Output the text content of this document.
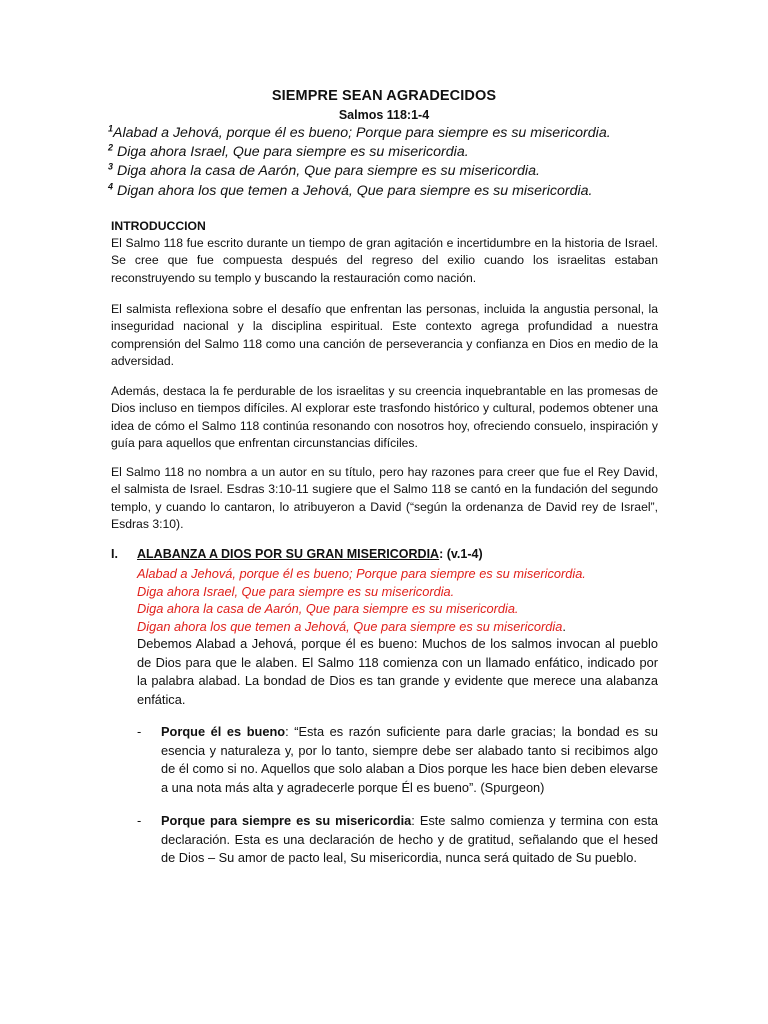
SIEMPRE SEAN AGRADECIDOS
Salmos 118:1-4
$^1$Alabad a Jehová, porque él es bueno; Porque para siempre es su misericordia.
$^2$ Diga ahora Israel, Que para siempre es su misericordia.
$^3$ Diga ahora la casa de Aarón, Que para siempre es su misericordia.
$^4$ Digan ahora los que temen a Jehová, Que para siempre es su misericordia.
INTRODUCCION
El Salmo 118 fue escrito durante un tiempo de gran agitación e incertidumbre en la historia de Israel. Se cree que fue compuesta después del regreso del exilio cuando los israelitas estaban reconstruyendo su templo y buscando la restauración como nación.
El salmista reflexiona sobre el desafío que enfrentan las personas, incluida la angustia personal, la inseguridad nacional y la disciplina espiritual. Este contexto agrega profundidad a nuestra comprensión del Salmo 118 como una canción de perseverancia y confianza en Dios en medio de la adversidad.
Además, destaca la fe perdurable de los israelitas y su creencia inquebrantable en las promesas de Dios incluso en tiempos difíciles. Al explorar este trasfondo histórico y cultural, podemos obtener una idea de cómo el Salmo 118 continúa resonando con nosotros hoy, ofreciendo consuelo, inspiración y guía para aquellos que enfrentan circunstancias difíciles.
El Salmo 118 no nombra a un autor en su título, pero hay razones para creer que fue el Rey David, el salmista de Israel. Esdras 3:10-11 sugiere que el Salmo 118 se cantó en la fundación del segundo templo, y cuando lo cantaron, lo atribuyeron a David (“según la ordenanza de David rey de Israel”, Esdras 3:10).
I. ALABANZA A DIOS POR SU GRAN MISERICORDIA: (v.1-4)
Alabad a Jehová, porque él es bueno; Porque para siempre es su misericordia.
Diga ahora Israel, Que para siempre es su misericordia.
Diga ahora la casa de Aarón, Que para siempre es su misericordia.
Digan ahora los que temen a Jehová, Que para siempre es su misericordia.
Debemos Alabad a Jehová, porque él es bueno: Muchos de los salmos invocan al pueblo de Dios para que le alaben. El Salmo 118 comienza con un llamado enfático, indicado por la palabra alabad. La bondad de Dios es tan grande y evidente que merece una alabanza enfática.
- Porque él es bueno: “Esta es razón suficiente para darle gracias; la bondad es su esencia y naturaleza y, por lo tanto, siempre debe ser alabado tanto si recibimos algo de él como si no. Aquellos que solo alaban a Dios porque les hace bien deben elevarse a una nota más alta y agradecerle porque Él es bueno”. (Spurgeon)
- Porque para siempre es su misericordia: Este salmo comienza y termina con esta declaración. Esta es una declaración de hecho y de gratitud, señalando que el hesed de Dios – Su amor de pacto leal, Su misericordia, nunca será quitado de Su pueblo.
